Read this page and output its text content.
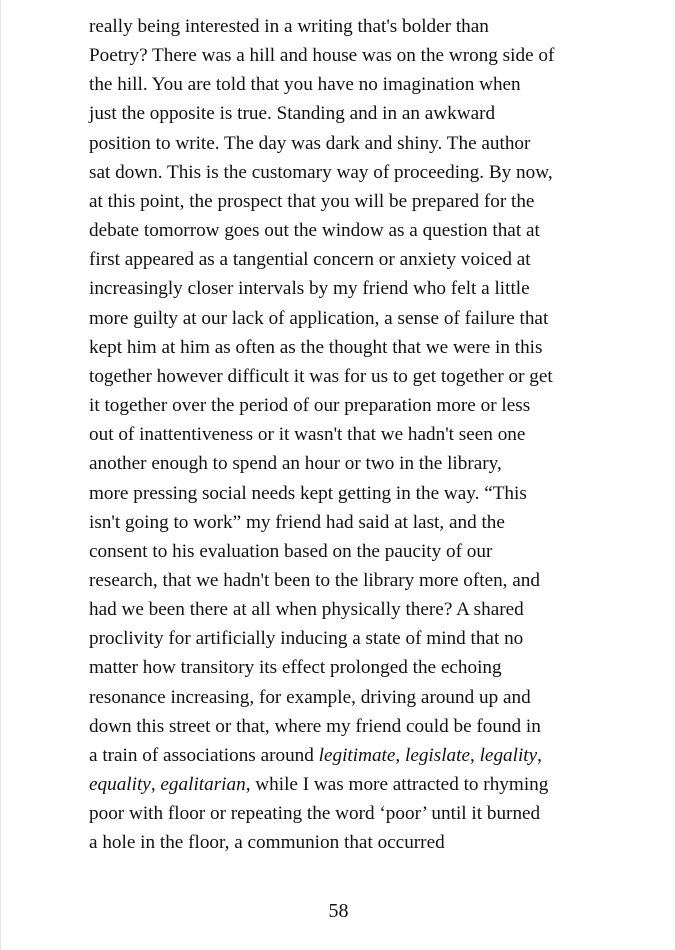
really being interested in a writing that's bolder than
Poetry? There was a hill and house was on the wrong side of
the hill. You are told that you have no imagination when
just the opposite is true. Standing and in an awkward
position to write. The day was dark and shiny. The author
sat down. This is the customary way of proceeding. By now,
at this point, the prospect that you will be prepared for the
debate tomorrow goes out the window as a question that at
first appeared as a tangential concern or anxiety voiced at
increasingly closer intervals by my friend who felt a little
more guilty at our lack of application, a sense of failure that
kept him at him as often as the thought that we were in this
together however difficult it was for us to get together or get
it together over the period of our preparation more or less
out of inattentiveness or it wasn't that we hadn't seen one
another enough to spend an hour or two in the library,
more pressing social needs kept getting in the way. “This
isn't going to work” my friend had said at last, and the
consent to his evaluation based on the paucity of our
research, that we hadn't been to the library more often, and
had we been there at all when physically there? A shared
proclivity for artificially inducing a state of mind that no
matter how transitory its effect prolonged the echoing
resonance increasing, for example, driving around up and
down this street or that, where my friend could be found in
a train of associations around legitimate, legislate, legality,
equality, egalitarian, while I was more attracted to rhyming
poor with floor or repeating the word ‘poor’ until it burned
a hole in the floor, a communion that occurred
58
